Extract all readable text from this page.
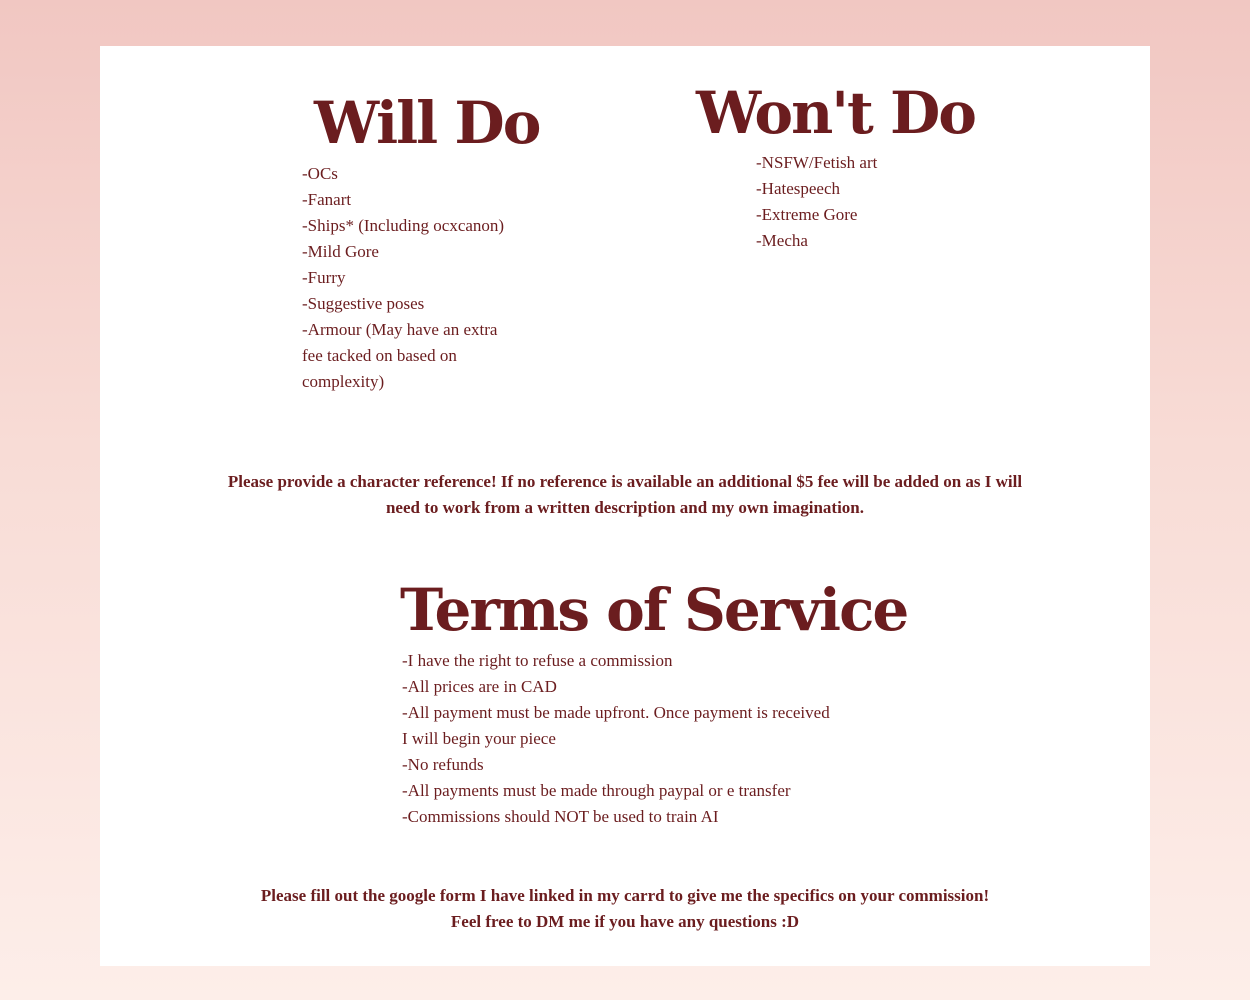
Will Do
-OCs
-Fanart
-Ships* (Including ocxcanon)
-Mild Gore
-Furry
-Suggestive poses
-Armour (May have an extra fee tacked on based on complexity)
Won't Do
-NSFW/Fetish art
-Hatespeech
-Extreme Gore
-Mecha

Please provide a character reference! If no reference is available an additional $5 fee will be added on as I will
need to work from a written description and my own imagination.

Terms of Service
-I have the right to refuse a commission
-All prices are in CAD
-All payment must be made upfront. Once payment is received I will begin your piece
-No refunds
-All payments must be made through paypal or e transfer
-Commissions should NOT be used to train AI

Please fill out the google form I have linked in my carrd to give me the specifics on your commission!
Feel free to DM me if you have any questions :D
